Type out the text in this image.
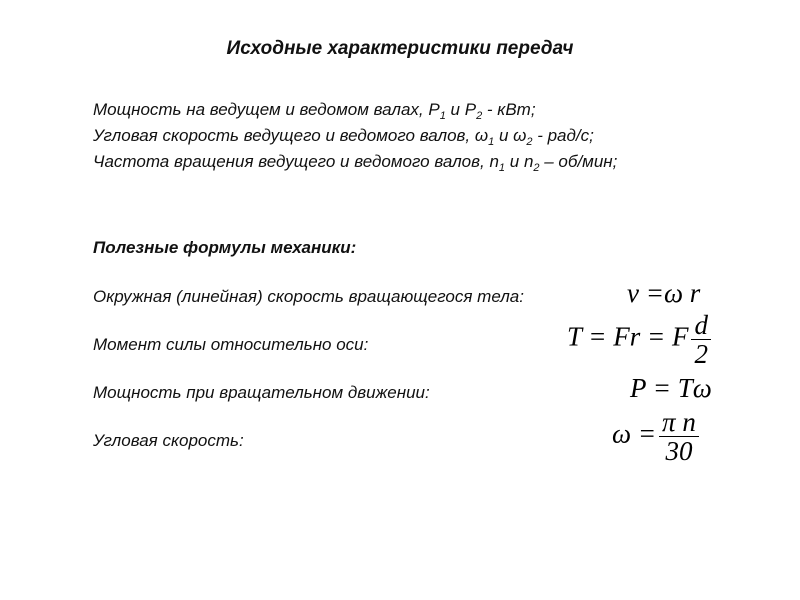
Исходные характеристики передач
Мощность на ведущем и ведомом валах, $Р_1$ и $Р_2$ - кВт;
Угловая скорость ведущего и ведомого валов, $\omega_1$ и $\omega_2 - рад/с$;
Частота вращения ведущего и ведомого валов, $n_1$ и $n_2 - об/мин$;
Полезные формулы механики:
Окружная (линейная) скорость вращающегося тела:	v =ω r
Момент силы относительно оси:	T = Fr = F $\frac{d}{2}$
Мощность при вращательном движении:	P = Tω
Угловая скорость:	$\omega = \frac{\text{π n}}{30}$
